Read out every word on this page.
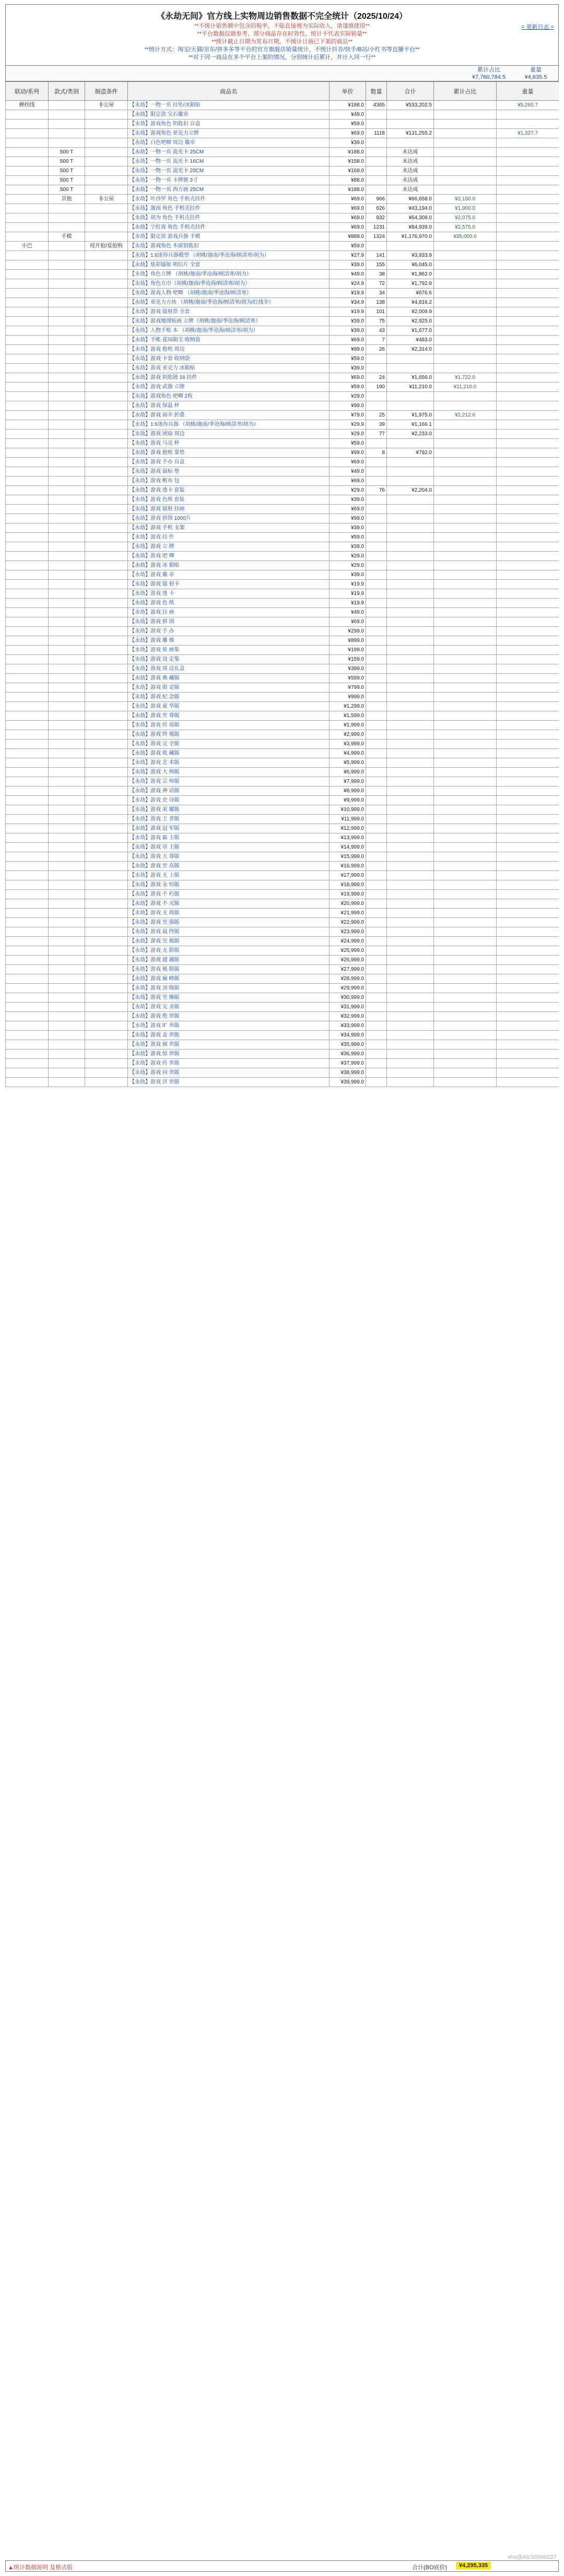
《永劫无间》官方线上实物周边销售数据不完全统计（2025/10/24）
**不统计销售额中包含的税率，不能直接视为实际收入，请谨慎使用**
**平台数据仅做参考，部分商品存在时效性，统计不代表实际销量**
**统计截止日期为发布日期，不统计目前已下架的商品**
**统计方式：淘宝/天猫/京东/拼多多等平台的官方旗舰店销量统计，不统计抖音/快手/B站/小红书等直播平台**
**对于同一商品在多个平台上架的情况，分别统计后累计，并计入同一行**
= 更新日志 =
累计占比
¥7,760,784.5
重量
¥4,635.5
联动/系列	款式/类别	制造条件	商品名	单价	数量	合计	累计占比	重量
柳拐线		非公屋	【永劫】一物一页 挂坠/冰箱贴	¥188.0	4365	¥533,202.5		¥5,260.7
			【永劫】限定款 宝石徽章	¥49.0				
			【永劫】游戏角色 钥匙扣 盲盒	¥59.0				
			【永劫】游戏角色 亚克力立牌	¥69.0	1118	¥131,255.2		¥1,327.7
			【永劫】白色吧唧 周边 徽章	¥39.0				
	500 T		【永劫】一物一页 流光卡 25CM	¥188.0		未达成		
	500 T		【永劫】一物一页 流光卡 16CM	¥158.0		未达成		
	500 T		【永劫】一物一页 流光卡 20CM	¥168.0		未达成		
	500 T		【永劫】一物一页 卡牌册 3寸	¥88.0		未达成		
	500 T		【永劫】一物一页 西方画 25CM	¥188.0		未达成		
	其他	非公屋	【永劫】叶沙罗 角色 手机壳挂件	¥69.0	966	¥66,658.0	¥2,150.0	
			【永劫】迦南 角色 手机壳挂件	¥69.0	626	¥43,194.0	¥1,900.0	
			【永劫】胡为 角色 手机壳挂件	¥69.0	932	¥64,308.0	¥2,075.0	
			【永劫】宁红夜 角色 手机壳挂件	¥69.0	1231	¥84,939.0	¥2,575.0	
	手模		【永劫】限定款 游戏兵器 手模	¥889.0	1324	¥1,176,970.0	¥35,000.0	
小巴		疫开抢/爱抢购	【永劫】游戏角色 木质钥匙扣	¥59.0				
			【永劫】1:6迷你兵器模型 （胡桃/迦南/季沧海/顾清寒/胡为）	¥27.9	141	¥3,933.9		
			【永劫】炫彩镭射 明信片 全套	¥39.0	155	¥6,045.0		
			【永劫】角色立牌 （胡桃/迦南/季沧海/顾清寒/胡为）	¥49.0	38	¥1,862.0		
			【永劫】角色方巾（胡桃/迦南/季沧海/顾清寒/胡为）	¥24.9	72	¥1,792.8		
			【永劫】游戏人物 吧唧 （胡桃/迦南/季沧海/顾清寒）	¥19.9	34	¥676.6		
			【永劫】亚克力方块 （胡桃/迦南/季沧海/顾清寒/胡为/红线伞）	¥34.9	138	¥4,816.2		
			【永劫】游戏 镭射票 全套	¥19.9	101	¥2,009.9		
			【永劫】游戏地图贴画 立牌（胡桃/迦南/季沧海/顾清寒）	¥39.0	75	¥2,925.0		
			【永劫】人物手账 本 （胡桃/迦南/季沧海/顾清寒/胡为）	¥39.0	43	¥1,677.0		
			【永劫】手帐 花园箱宝 收纳袋	¥69.0	7	¥483.0		
			【永劫】游戏 抱枕 周边	¥89.0	26	¥2,314.0		
			【永劫】游戏 卡套 收纳袋	¥59.0				
			【永劫】游戏 亚克力 冰箱贴	¥39.0				
			【永劫】游戏 钥匙链 16 挂件	¥69.0	24	¥1,656.0	¥1,722.0	
			【永劫】游戏 武器 立牌	¥59.0	190	¥11,210.0	¥11,210.0	
			【永劫】游戏角色 吧唧 2枚	¥29.0				
			【永劫】游戏 保温 杯	¥99.0				
			【永劫】游戏 雨伞 折叠	¥79.0	25	¥1,975.0	¥2,212.6	
			【永劫】1:6迷你兵器 （胡桃/迦南/季沧海/顾清寒/胡为）	¥29.9	39	¥1,166.1		
			【永劫】游戏 团扇 周边	¥29.0	77	¥2,233.0		
			【永劫】游戏 马克 杯	¥59.0				
			【永劫】游戏 抱枕 靠垫	¥99.0	8	¥792.0		
			【永劫】游戏 手办 盲盒	¥69.0				
			【永劫】游戏 鼠标 垫	¥49.0				
			【永劫】游戏 帆布 包	¥69.0				
			【永劫】游戏 透卡 套装	¥29.0	76	¥2,204.0		
			【永劫】游戏 色纸 套装	¥39.0				
			【永劫】游戏 镭射 挂画	¥69.0				
			【永劫】游戏 拼图 1000片	¥99.0				
			【永劫】游戏 手机 支架	¥39.0				
			【永劫】游戏 挂 件	¥59.0				
			【永劫】游戏 立 牌	¥39.0				
			【永劫】游戏 吧 唧	¥29.0				
			【永劫】游戏 冰 箱贴	¥29.0				
			【永劫】游戏 徽 章	¥39.0				
			【永劫】游戏 镭 射卡	¥19.9				
			【永劫】游戏 透 卡	¥19.9				
			【永劫】游戏 色 纸	¥19.9				
			【永劫】游戏 挂 画	¥49.0				
			【永劫】游戏 拼 图	¥69.0				
			【永劫】游戏 手 办	¥299.0				
			【永劫】游戏 雕 像	¥899.0				
			【永劫】游戏 原 画集	¥199.0				
			【永劫】游戏 设 定集	¥159.0				
			【永劫】游戏 周 边礼盒	¥399.0				
			【永劫】游戏 典 藏版	¥599.0				
			【永劫】游戏 限 定版	¥799.0				
			【永劫】游戏 纪 念版	¥999.0				
			【永劫】游戏 豪 华版	¥1,299.0				
			【永劫】游戏 至 尊版	¥1,599.0				
			【永劫】游戏 传 说版	¥1,999.0				
			【永劫】游戏 终 极版	¥2,999.0				
			【永劫】游戏 完 全版	¥3,999.0				
			【永劫】游戏 收 藏版	¥4,999.0				
			【永劫】游戏 艺 术版	¥5,999.0				
			【永劫】游戏 大 师版	¥6,999.0				
			【永劫】游戏 宗 师版	¥7,999.0				
			【永劫】游戏 神 话版	¥8,999.0				
			【永劫】游戏 史 诗版	¥9,999.0				
			【永劫】游戏 荣 耀版	¥10,999.0				
			【永劫】游戏 王 者版	¥11,999.0				
			【永劫】游戏 冠 军版	¥12,999.0				
			【永劫】游戏 霸 主版	¥13,999.0				
			【永劫】游戏 帝 王版	¥14,999.0				
			【永劫】游戏 天 尊版	¥15,999.0				
			【永劫】游戏 至 高版	¥16,999.0				
			【永劫】游戏 无 上版	¥17,999.0				
			【永劫】游戏 永 恒版	¥18,999.0				
			【永劫】游戏 不 朽版	¥19,999.0				
			【永劫】游戏 不 灭版	¥20,999.0				
			【永劫】游戏 无 敌版	¥21,999.0				
			【永劫】游戏 至 强版	¥22,999.0				
			【永劫】游戏 最 终版	¥23,999.0				
			【永劫】游戏 究 极版	¥24,999.0				
			【永劫】游戏 无 限版	¥25,999.0				
			【永劫】游戏 超 越版	¥26,999.0				
			【永劫】游戏 极 限版	¥27,999.0				
			【永劫】游戏 巅 峰版	¥28,999.0				
			【永劫】游戏 顶 级版	¥29,999.0				
			【永劫】游戏 至 臻版	¥30,999.0				
			【永劫】游戏 完 美版	¥31,999.0				
			【永劫】游戏 绝 世版	¥32,999.0				
			【永劫】游戏 旷 世版	¥33,999.0				
			【永劫】游戏 盖 世版	¥34,999.0				
			【永劫】游戏 倾 世版	¥35,999.0				
			【永劫】游戏 惊 世版	¥36,999.0				
			【永劫】游戏 传 世版	¥37,999.0				
			【永劫】游戏 问 世版	¥38,999.0				
			【永劫】游戏 济 世版	¥39,999.0				
▲统计数据说明 及格式版	合计(BO底价)	¥4,295,335
xhs@AlcS0060227
